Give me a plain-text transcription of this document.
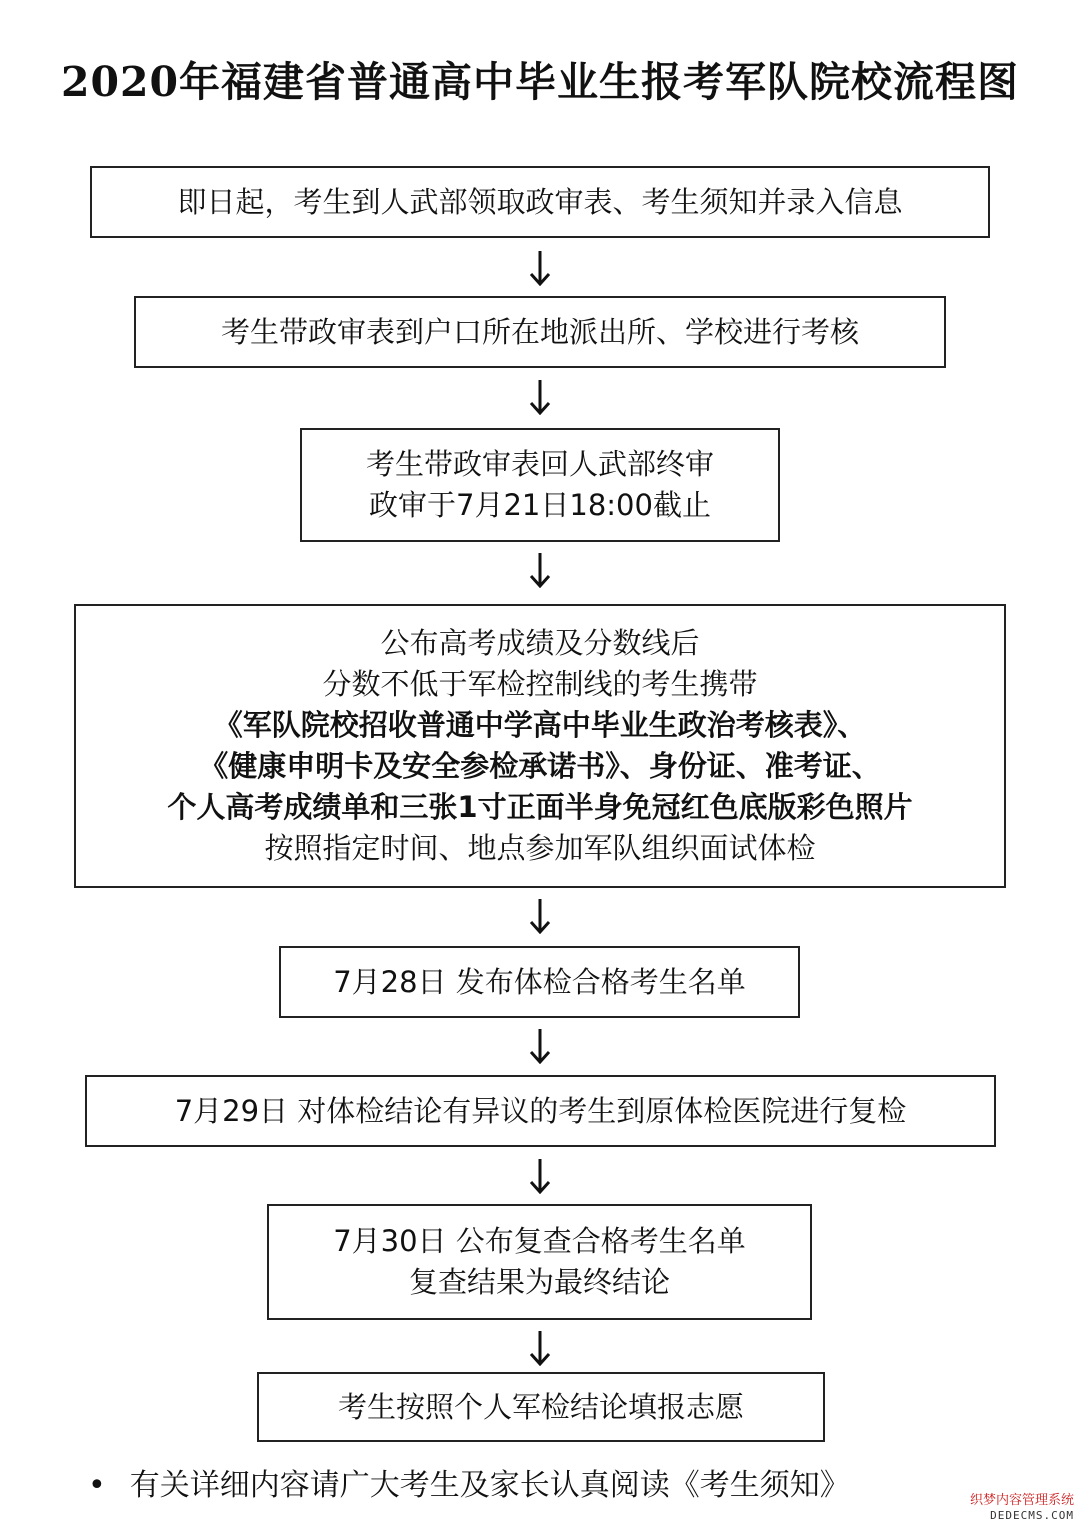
2020年福建省普通高中毕业生报考军队院校流程图
即日起，考生到人武部领取政审表、考生须知并录入信息
考生带政审表到户口所在地派出所、学校进行考核
考生带政审表回人武部终审
政审于7月21日18:00截止
公布高考成绩及分数线后
分数不低于军检控制线的考生携带
《军队院校招收普通中学高中毕业生政治考核表》、
《健康申明卡及安全参检承诺书》、身份证、准考证、
个人高考成绩单和三张1寸正面半身免冠红色底版彩色照片
按照指定时间、地点参加军队组织面试体检
7月28日 发布体检合格考生名单
7月29日 对体检结论有异议的考生到原体检医院进行复检
7月30日 公布复查合格考生名单
复查结果为最终结论
考生按照个人军检结论填报志愿
• 有关详细内容请广大考生及家长认真阅读《考生须知》	织梦内容管理系统
DEDECMS.COM
